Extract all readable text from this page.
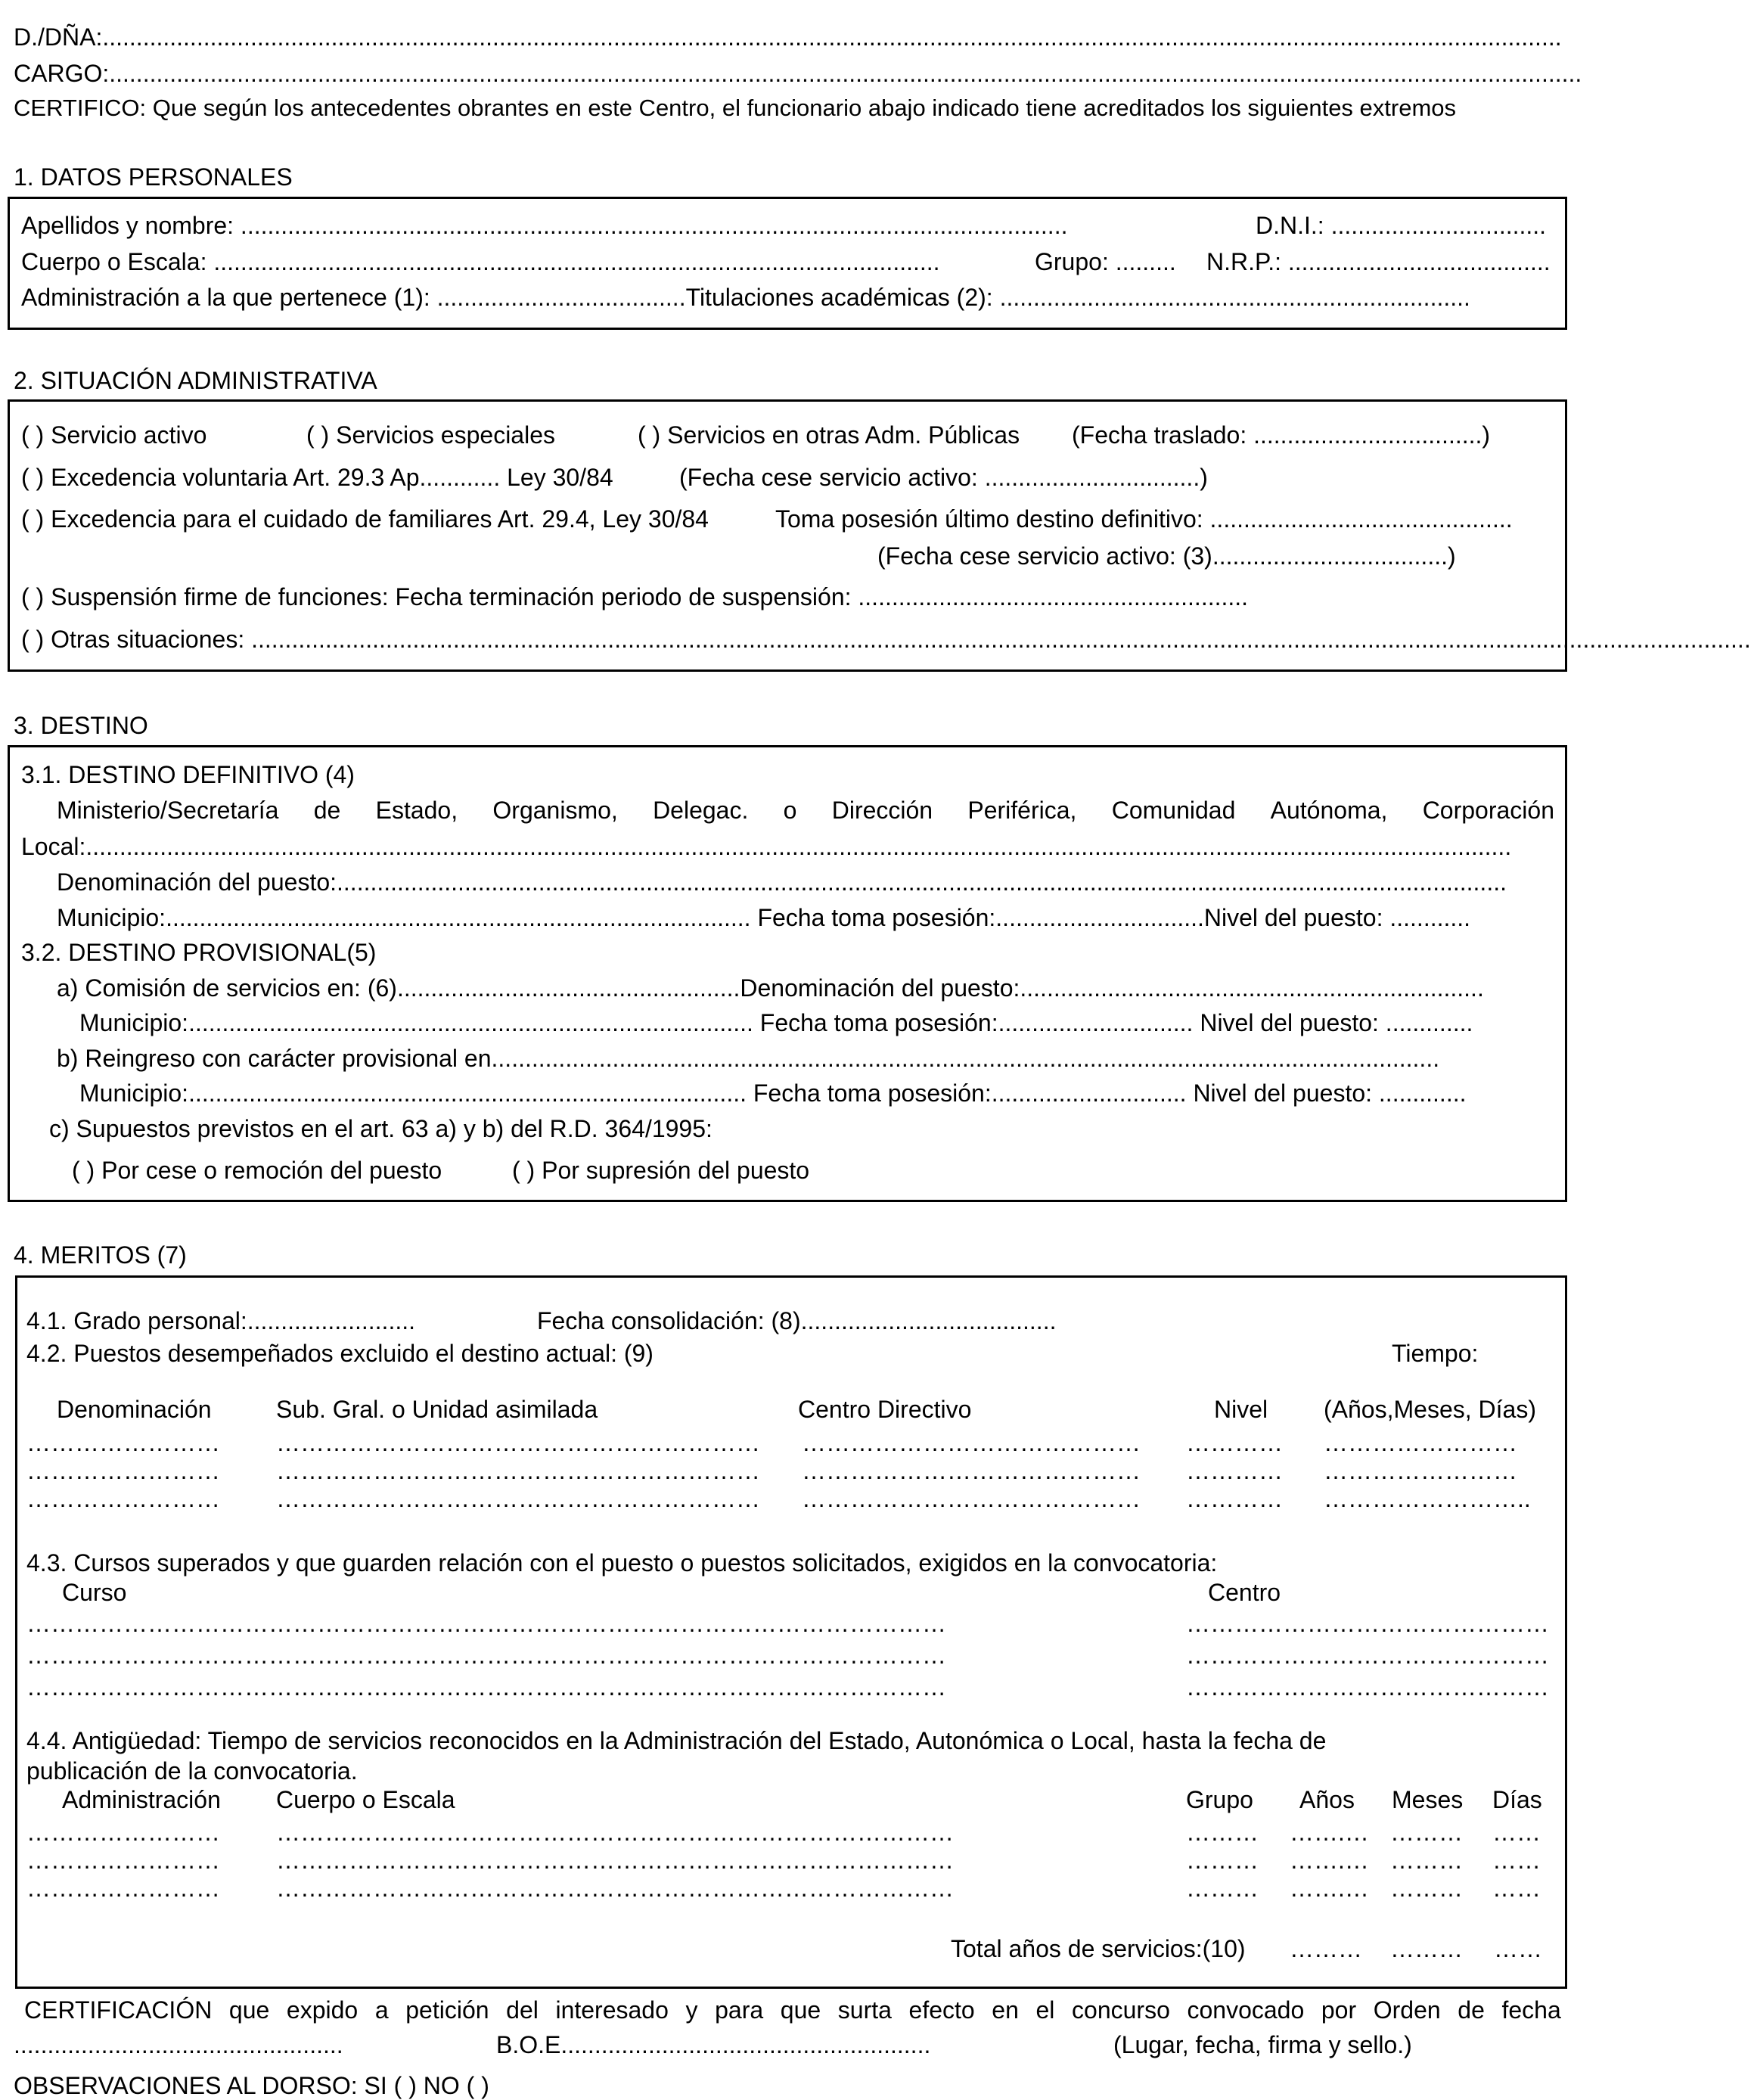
D./DÑA:.........................................................................................................................................................................................................................
CARGO:...........................................................................................................................................................................................................................
CERTIFICO: Que según los antecedentes obrantes en este Centro, el funcionario abajo indicado tiene acreditados los siguientes extremos
1. DATOS PERSONALES
Apellidos y nombre: ...........................................................................................................................	D.N.I.: ................................
Cuerpo o Escala: ............................................................................................................	Grupo: ......... N.R.P.: .......................................
Administración a la que pertenece (1): .....................................Titulaciones académicas (2): ......................................................................
2. SITUACIÓN ADMINISTRATIVA
( ) Servicio activo	( ) Servicios especiales	( ) Servicios en otras Adm. Públicas (Fecha traslado: ..................................)
( ) Excedencia voluntaria Art. 29.3 Ap............ Ley 30/84	(Fecha cese servicio activo: ................................)
( ) Excedencia para el cuidado de familiares Art. 29.4, Ley 30/84	Toma posesión último destino definitivo: .............................................
(Fecha cese servicio activo: (3)...................................)
( ) Suspensión firme de funciones: Fecha terminación periodo de suspensión: ..........................................................
( ) Otras situaciones: ...............................................................................................................................................................................................................................
3. DESTINO
3.1. DESTINO DEFINITIVO (4)
Ministerio/Secretaría de Estado, Organismo, Delegac. o Dirección Periférica, Comunidad Autónoma, Corporación
Local:....................................................................................................................................................................................................................
Denominación del puesto:..............................................................................................................................................................................
Municipio:....................................................................................... Fecha toma posesión:...............................Nivel del puesto: ............
3.2. DESTINO PROVISIONAL(5)
a) Comisión de servicios en: (6)...................................................Denominación del puesto:.....................................................................
Municipio:.................................................................................... Fecha toma posesión:............................. Nivel del puesto: .............
b) Reingreso con carácter provisional en.............................................................................................................................................
Municipio:................................................................................... Fecha toma posesión:............................. Nivel del puesto: .............
c) Supuestos previstos en el art. 63 a) y b) del R.D. 364/1995:
( ) Por cese o remoción del puesto	( ) Por supresión del puesto
4. MERITOS (7)
4.1. Grado personal:.........................	Fecha consolidación: (8)......................................
4.2. Puestos desempeñados excluido el destino actual: (9)	Tiempo:
Denominación	Sub. Gral. o Unidad asimilada	Centro Directivo	Nivel (Años,Meses, Días)
…………………… …………………………………………………… …………………………………… ………… ……………………
…………………… …………………………………………………… …………………………………… ………… ……………………
…………………… …………………………………………………… …………………………………… ………… ……………………..
4.3. Cursos superados y que guarden relación con el puesto o puestos solicitados, exigidos en la convocatoria:
Curso	Centro
……………………………………………………………………………………………………	………………………………………
……………………………………………………………………………………………………	………………………………………
……………………………………………………………………………………………………	………………………………………
4.4. Antigüedad: Tiempo de servicios reconocidos en la Administración del Estado, Autonómica o Local, hasta la fecha de
publicación de la convocatoria.
Administración Cuerpo o Escala	Grupo Años Meses Días
…………………… …………………………………………………………………………	……… …….… ……… ……
…………………… …………………………………………………………………………	……… …….… ……… ……
…………………… …………………………………………………………………………	……… …….… ……… ……
Total años de servicios:(10) ……… ……… ……
CERTIFICACIÓN que expido a petición del interesado y para que surta efecto en el concurso convocado por Orden de fecha
.................................................	B.O.E.......................................................	(Lugar, fecha, firma y sello.)
OBSERVACIONES AL DORSO: SI ( ) NO ( )
